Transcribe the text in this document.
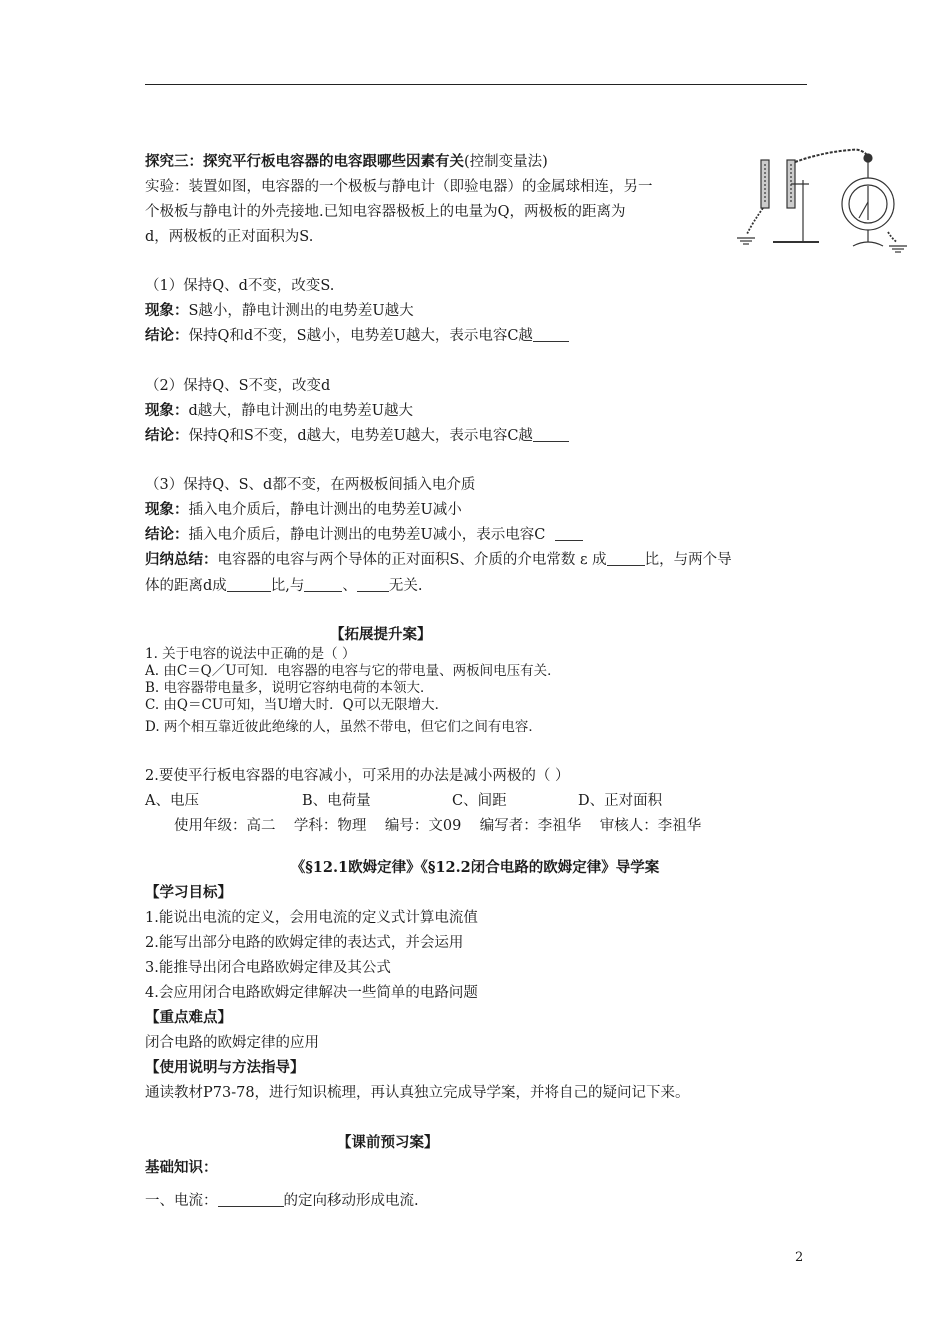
探究三：探究平行板电容器的电容跟哪些因素有关(控制变量法)
实验：装置如图，电容器的一个极板与静电计（即验电器）的金属球相连，另一
个极板与静电计的外壳接地.已知电容器极板上的电量为Q，两极板的距离为
d，两极板的正对面积为S.
（1）保持Q、d不变，改变S.
现象：S越小，静电计测出的电势差U越大
结论：保持Q和d不变，S越小，电势差U越大，表示电容C越
（2）保持Q、S不变，改变d
现象：d越大，静电计测出的电势差U越大
结论：保持Q和S不变，d越大，电势差U越大，表示电容C越
（3）保持Q、S、d都不变，在两极板间插入电介质
现象：插入电介质后，静电计测出的电势差U减小
结论：插入电介质后，静电计测出的电势差U减小，表示电容C
归纳总结：电容器的电容与两个导体的正对面积S、介质的介电常数 ε 成	比，与两个导
体的距离d成	比,与	、 无关.
【拓展提升案】
1. 关于电容的说法中正确的是（ ）
A. 由C＝Q／U可知．电容器的电容与它的带电量、两板间电压有关．
B. 电容器带电量多，说明它容纳电荷的本领大．
C. 由Q＝CU可知，当U增大时．Q可以无限增大．
D. 两个相互靠近彼此绝缘的人，虽然不带电，但它们之间有电容．
2.要使平行板电容器的电容减小，可采用的办法是减小两极的（ ）
A、电压	B、电荷量	C、间距	D、正对面积
使用年级：高二    学科：物理    编号：文09    编写者：李祖华    审核人：李祖华
《§12.1欧姆定律》《§12.2闭合电路的欧姆定律》导学案
【学习目标】
1.能说出电流的定义，会用电流的定义式计算电流值
2.能写出部分电路的欧姆定律的表达式，并会运用
3.能推导出闭合电路欧姆定律及其公式
4.会应用闭合电路欧姆定律解决一些简单的电路问题
【重点难点】
闭合电路的欧姆定律的应用
【使用说明与方法指导】
通读教材P73-78，进行知识梳理，再认真独立完成导学案，并将自己的疑问记下来。
【课前预习案】
基础知识：
一、电流：	的定向移动形成电流.
2
